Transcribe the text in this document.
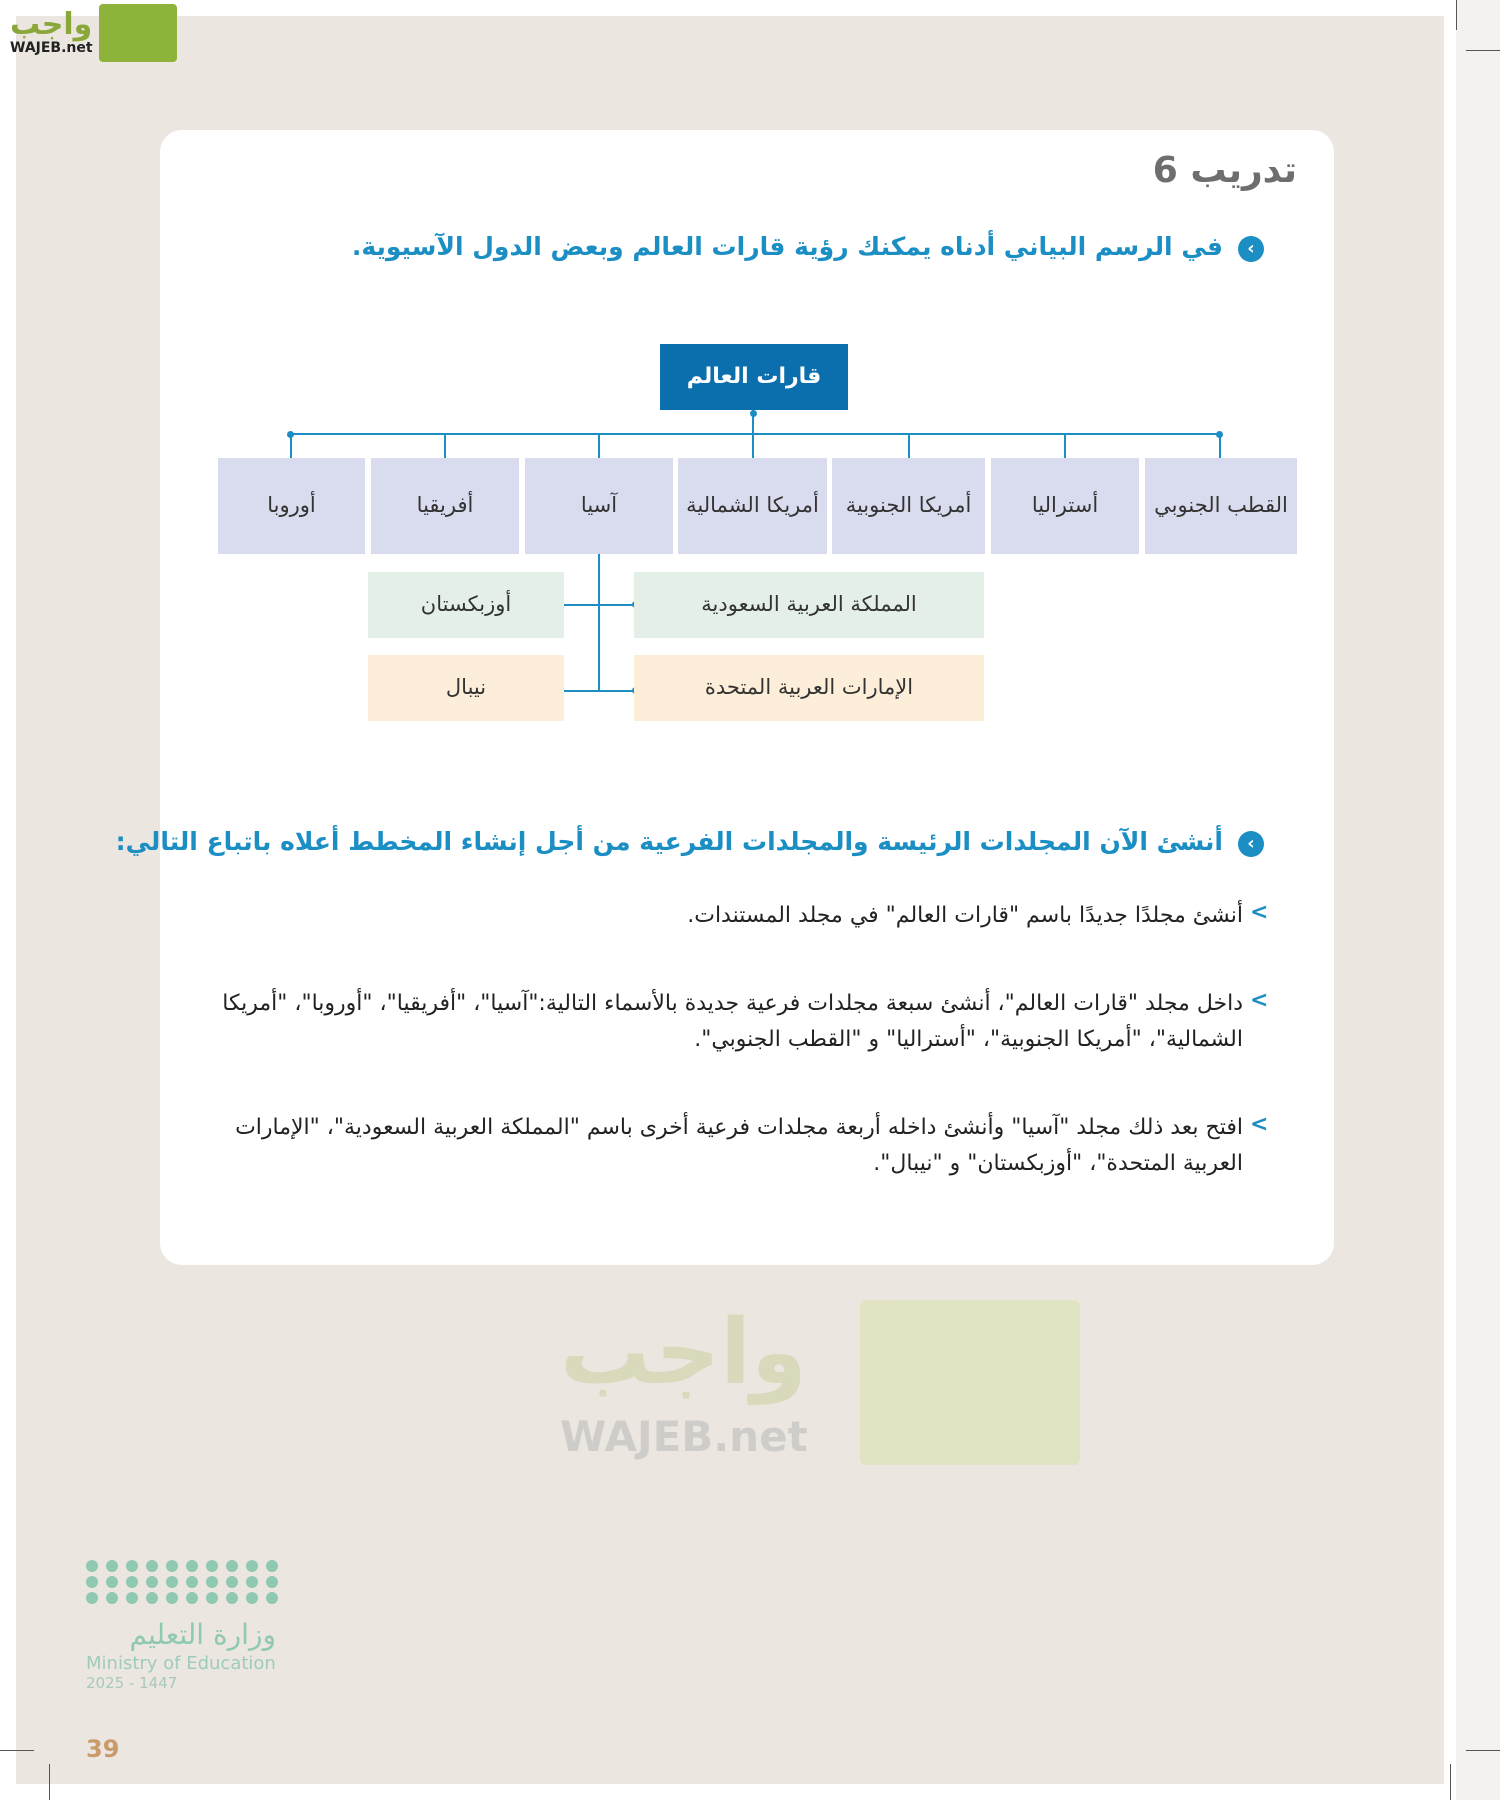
واجب
WAJEB.net
تدريب 6
‹
في الرسم البياني أدناه يمكنك رؤية قارات العالم وبعض الدول الآسيوية.
قارات العالم
القطب الجنوبي
أستراليا
أمريكا الجنوبية
أمريكا الشمالية
آسيا
أفريقيا
أوروبا
المملكة العربية السعودية
أوزبكستان
الإمارات العربية المتحدة
نيبال
‹
أنشئ الآن المجلدات الرئيسة والمجلدات الفرعية من أجل إنشاء المخطط أعلاه باتباع التالي:
<
أنشئ مجلدًا جديدًا باسم "قارات العالم" في مجلد المستندات.
<
داخل مجلد "قارات العالم"، أنشئ سبعة مجلدات فرعية جديدة بالأسماء التالية:"آسيا"، "أفريقيا"، "أوروبا"، "أمريكا الشمالية"، "أمريكا الجنوبية"، "أستراليا" و "القطب الجنوبي".
<
افتح بعد ذلك مجلد "آسيا" وأنشئ داخله أربعة مجلدات فرعية أخرى باسم "المملكة العربية السعودية"، "الإمارات العربية المتحدة"، "أوزبكستان" و "نيبال".
واجب
WAJEB.net
وزارة التعليم
Ministry of Education
2025 - 1447
39
